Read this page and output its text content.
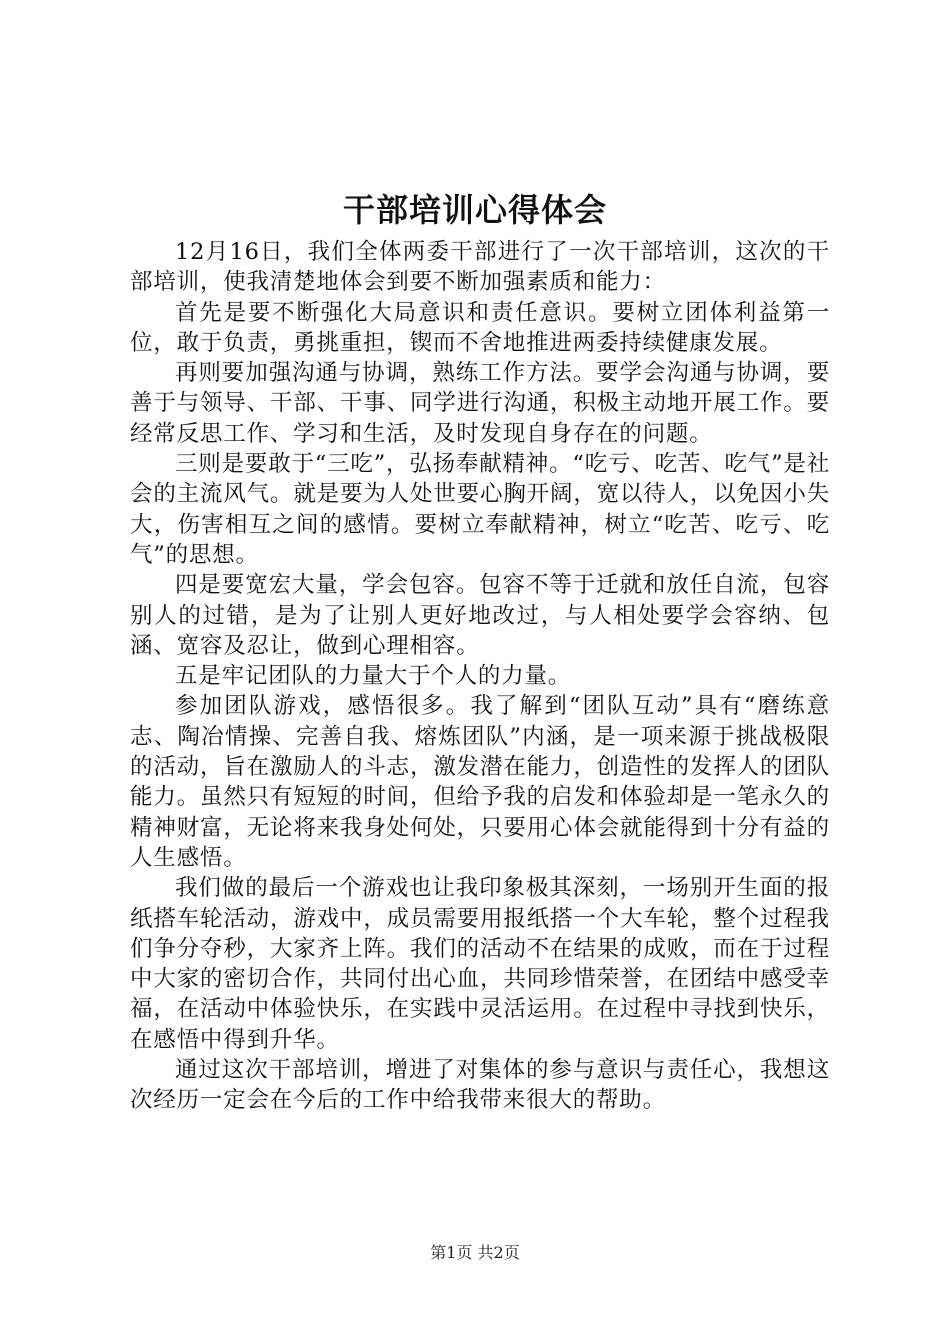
干部培训心得体会

12月16日，我们全体两委干部进行了一次干部培训，这次的干部培训，使我清楚地体会到要不断加强素质和能力：

首先是要不断强化大局意识和责任意识。要树立团体利益第一位，敢于负责，勇挑重担，锲而不舍地推进两委持续健康发展。

再则要加强沟通与协调，熟练工作方法。要学会沟通与协调，要善于与领导、干部、干事、同学进行沟通，积极主动地开展工作。要经常反思工作、学习和生活，及时发现自身存在的问题。

三则是要敢于“三吃”，弘扬奉献精神。“吃亏、吃苦、吃气”是社会的主流风气。就是要为人处世要心胸开阔，宽以待人，以免因小失大，伤害相互之间的感情。要树立奉献精神，树立“吃苦、吃亏、吃气”的思想。

四是要宽宏大量，学会包容。包容不等于迁就和放任自流，包容别人的过错，是为了让别人更好地改过，与人相处要学会容纳、包涵、宽容及忍让，做到心理相容。

五是牢记团队的力量大于个人的力量。

参加团队游戏，感悟很多。我了解到“团队互动”具有“磨练意志、陶冶情操、完善自我、熔炼团队”内涵，是一项来源于挑战极限的活动，旨在激励人的斗志，激发潜在能力，创造性的发挥人的团队能力。虽然只有短短的时间，但给予我的启发和体验却是一笔永久的精神财富，无论将来我身处何处，只要用心体会就能得到十分有益的人生感悟。

我们做的最后一个游戏也让我印象极其深刻，一场别开生面的报纸搭车轮活动，游戏中，成员需要用报纸搭一个大车轮，整个过程我们争分夺秒，大家齐上阵。我们的活动不在结果的成败，而在于过程中大家的密切合作，共同付出心血，共同珍惜荣誉，在团结中感受幸福，在活动中体验快乐，在实践中灵活运用。在过程中寻找到快乐，在感悟中得到升华。

通过这次干部培训，增进了对集体的参与意识与责任心，我想这次经历一定会在今后的工作中给我带来很大的帮助。

第1页 共2页
